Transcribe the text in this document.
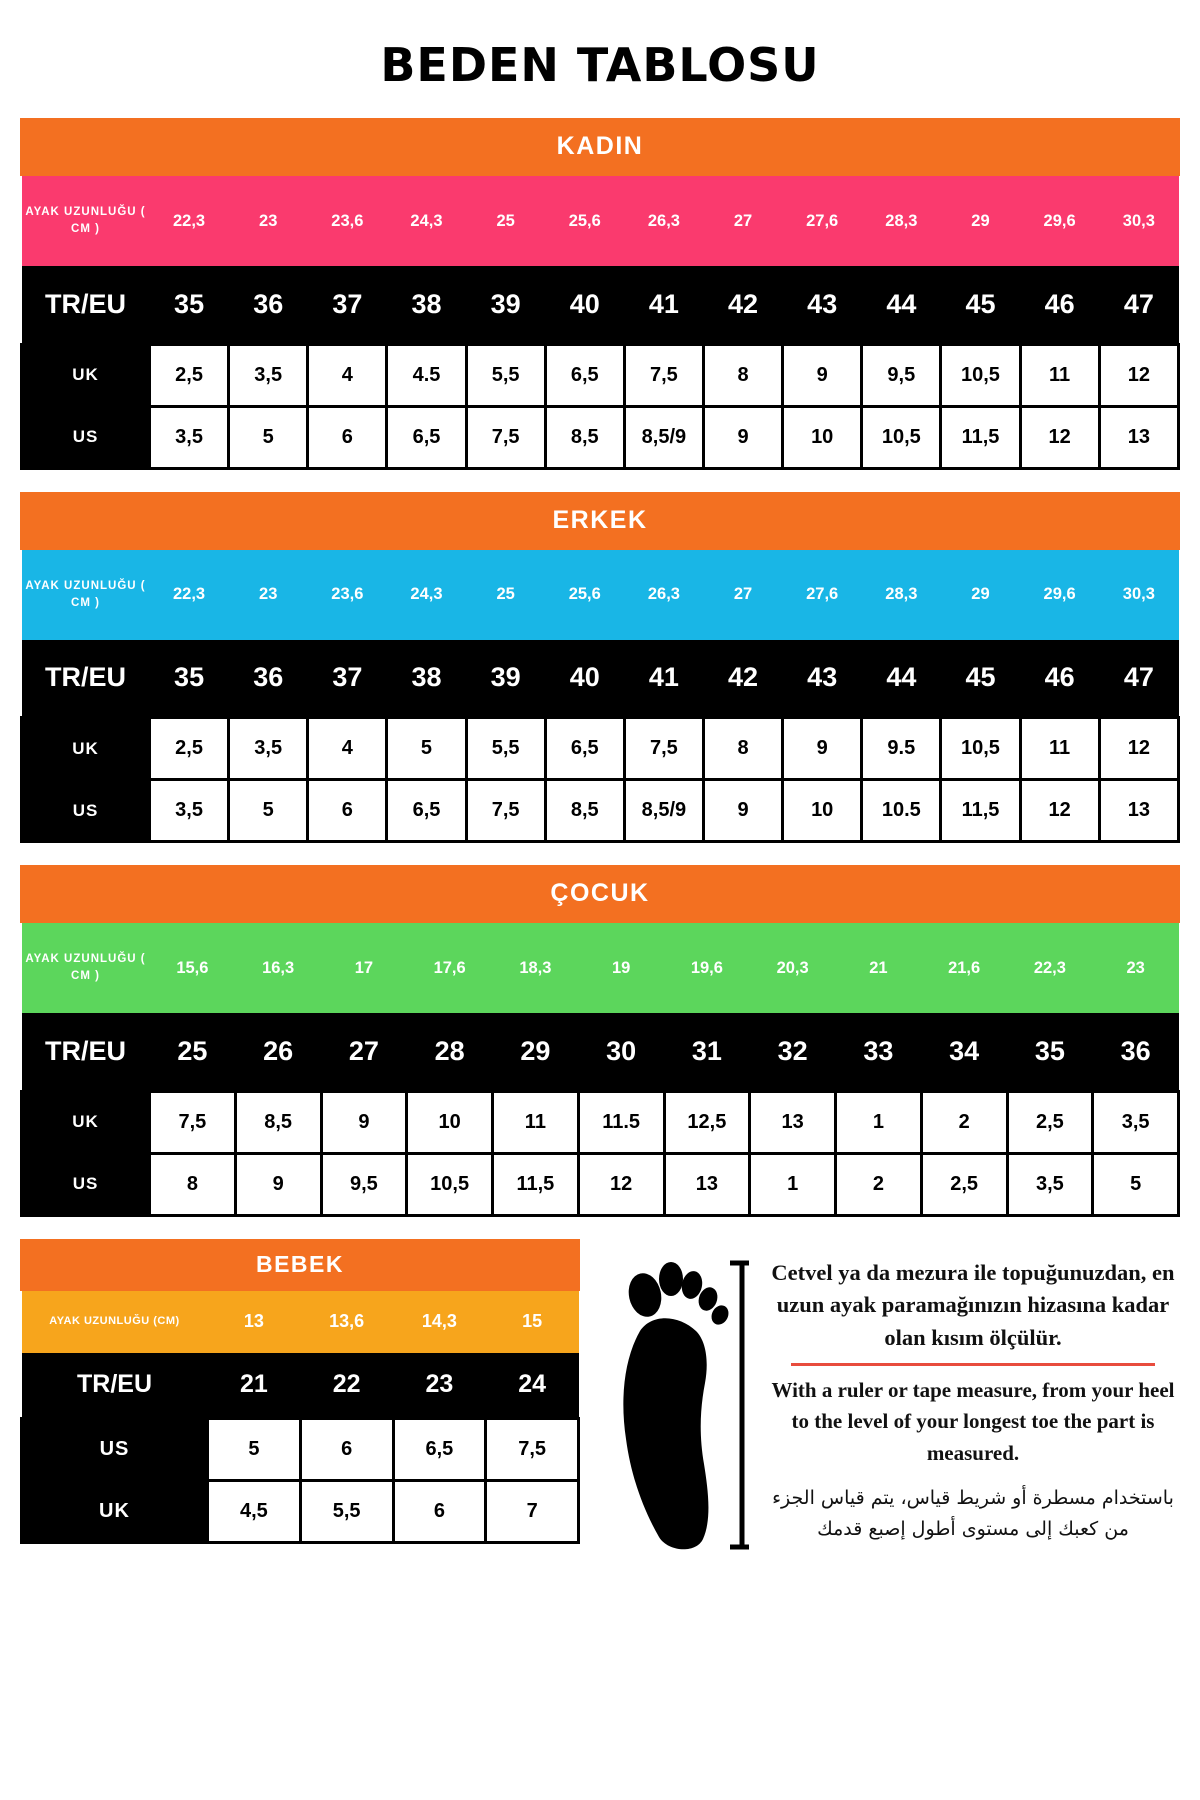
BEDEN TABLOSU
KADIN
AYAK UZUNLUĞU ( CM )	22,3	23	23,6	24,3	25	25,6	26,3	27	27,6	28,3	29	29,6	30,3
TR/EU	35	36	37	38	39	40	41	42	43	44	45	46	47
UK	2,5	3,5	4	4.5	5,5	6,5	7,5	8	9	9,5	10,5	11	12
US	3,5	5	6	6,5	7,5	8,5	8,5/9	9	10	10,5	11,5	12	13
ERKEK
AYAK UZUNLUĞU ( CM )	22,3	23	23,6	24,3	25	25,6	26,3	27	27,6	28,3	29	29,6	30,3
TR/EU	35	36	37	38	39	40	41	42	43	44	45	46	47
UK	2,5	3,5	4	5	5,5	6,5	7,5	8	9	9.5	10,5	11	12
US	3,5	5	6	6,5	7,5	8,5	8,5/9	9	10	10.5	11,5	12	13
ÇOCUK
AYAK UZUNLUĞU ( CM )	15,6	16,3	17	17,6	18,3	19	19,6	20,3	21	21,6	22,3	23
TR/EU	25	26	27	28	29	30	31	32	33	34	35	36
UK	7,5	8,5	9	10	11	11.5	12,5	13	1	2	2,5	3,5
US	8	9	9,5	10,5	11,5	12	13	1	2	2,5	3,5	5
BEBEK
AYAK UZUNLUĞU (CM)	13	13,6	14,3	15
TR/EU	21	22	23	24
US	5	6	6,5	7,5
UK	4,5	5,5	6	7
Cetvel ya da mezura ile topuğunuzdan, en uzun ayak paramağınızın hizasına kadar olan kısım ölçülür.
With a ruler or tape measure, from your heel to the level of your longest toe the part is measured.
باستخدام مسطرة أو شريط قياس، يتم قياس الجزء من كعبك إلى مستوى أطول إصبع قدمك
